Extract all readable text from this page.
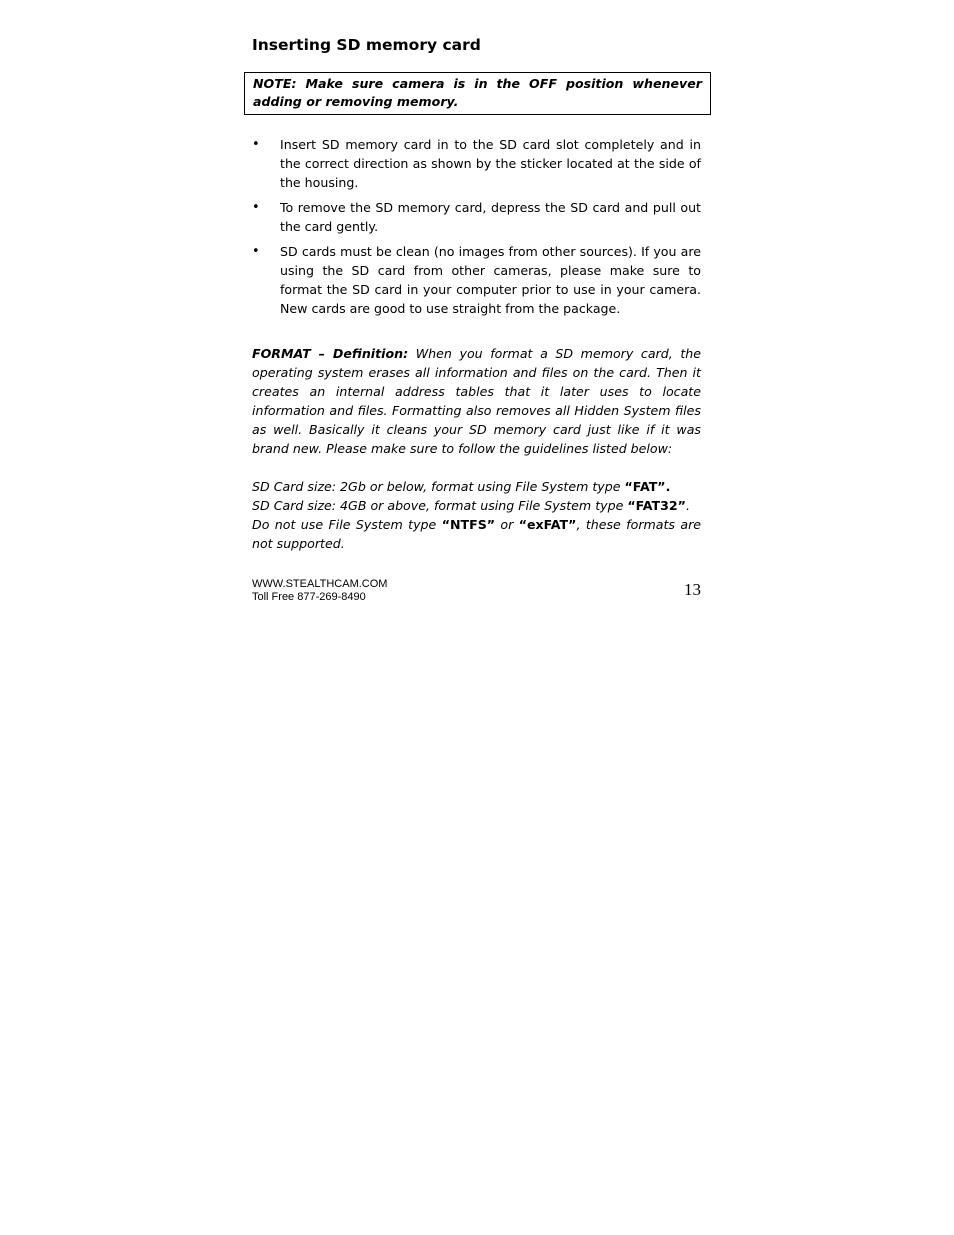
Inserting SD memory card
NOTE: Make sure camera is in the OFF position whenever adding or removing memory.
• Insert SD memory card in to the SD card slot completely and in the correct direction as shown by the sticker located at the side of the housing.
• To remove the SD memory card, depress the SD card and pull out the card gently.
• SD cards must be clean (no images from other sources). If you are using the SD card from other cameras, please make sure to format the SD card in your computer prior to use in your camera. New cards are good to use straight from the package.

FORMAT – Definition: When you format a SD memory card, the operating system erases all information and files on the card. Then it creates an internal address tables that it later uses to locate information and files. Formatting also removes all Hidden System files as well. Basically it cleans your SD memory card just like if it was brand new. Please make sure to follow the guidelines listed below:

SD Card size: 2Gb or below, format using File System type “FAT”.
SD Card size: 4GB or above, format using File System type “FAT32”.
Do not use File System type “NTFS” or “exFAT”, these formats are not supported.

WWW.STEALTHCAM.COM
Toll Free 877-269-8490	13
